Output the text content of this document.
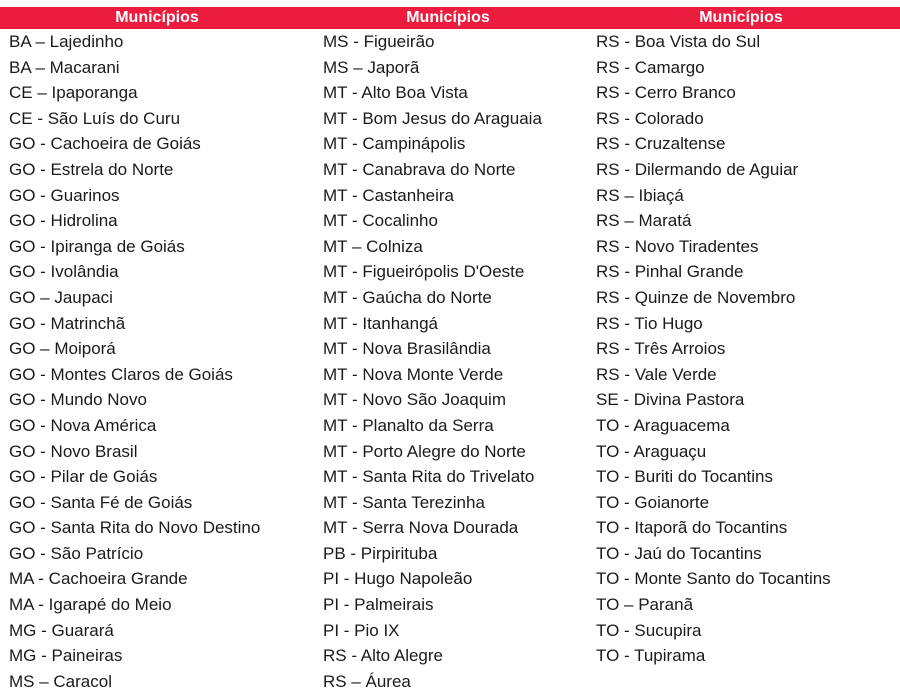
Municípios	Municípios	Municípios
BA – Lajedinho	MS - Figueirão	RS - Boa Vista do Sul
BA – Macarani	MS – Japorã	RS - Camargo
CE – Ipaporanga	MT - Alto Boa Vista	RS - Cerro Branco
CE - São Luís do Curu	MT - Bom Jesus do Araguaia	RS - Colorado
GO - Cachoeira de Goiás	MT - Campinápolis	RS - Cruzaltense
GO - Estrela do Norte	MT - Canabrava do Norte	RS - Dilermando de Aguiar
GO - Guarinos	MT - Castanheira	RS – Ibiaçá
GO - Hidrolina	MT - Cocalinho	RS – Maratá
GO - Ipiranga de Goiás	MT – Colniza	RS - Novo Tiradentes
GO - Ivolândia	MT - Figueirópolis D'Oeste	RS - Pinhal Grande
GO – Jaupaci	MT - Gaúcha do Norte	RS - Quinze de Novembro
GO - Matrinchã	MT - Itanhangá	RS - Tio Hugo
GO – Moiporá	MT - Nova Brasilândia	RS - Três Arroios
GO - Montes Claros de Goiás	MT - Nova Monte Verde	RS - Vale Verde
GO - Mundo Novo	MT - Novo São Joaquim	SE - Divina Pastora
GO - Nova América	MT - Planalto da Serra	TO - Araguacema
GO - Novo Brasil	MT - Porto Alegre do Norte	TO - Araguaçu
GO - Pilar de Goiás	MT - Santa Rita do Trivelato	TO - Buriti do Tocantins
GO - Santa Fé de Goiás	MT - Santa Terezinha	TO - Goianorte
GO - Santa Rita do Novo Destino	MT - Serra Nova Dourada	TO - Itaporã do Tocantins
GO - São Patrício	PB - Pirpirituba	TO - Jaú do Tocantins
MA - Cachoeira Grande	PI - Hugo Napoleão	TO - Monte Santo do Tocantins
MA - Igarapé do Meio	PI - Palmeirais	TO – Paranã
MG - Guarará	PI - Pio IX	TO - Sucupira
MG - Paineiras	RS - Alto Alegre	TO - Tupirama
MS – Caracol	RS – Áurea
